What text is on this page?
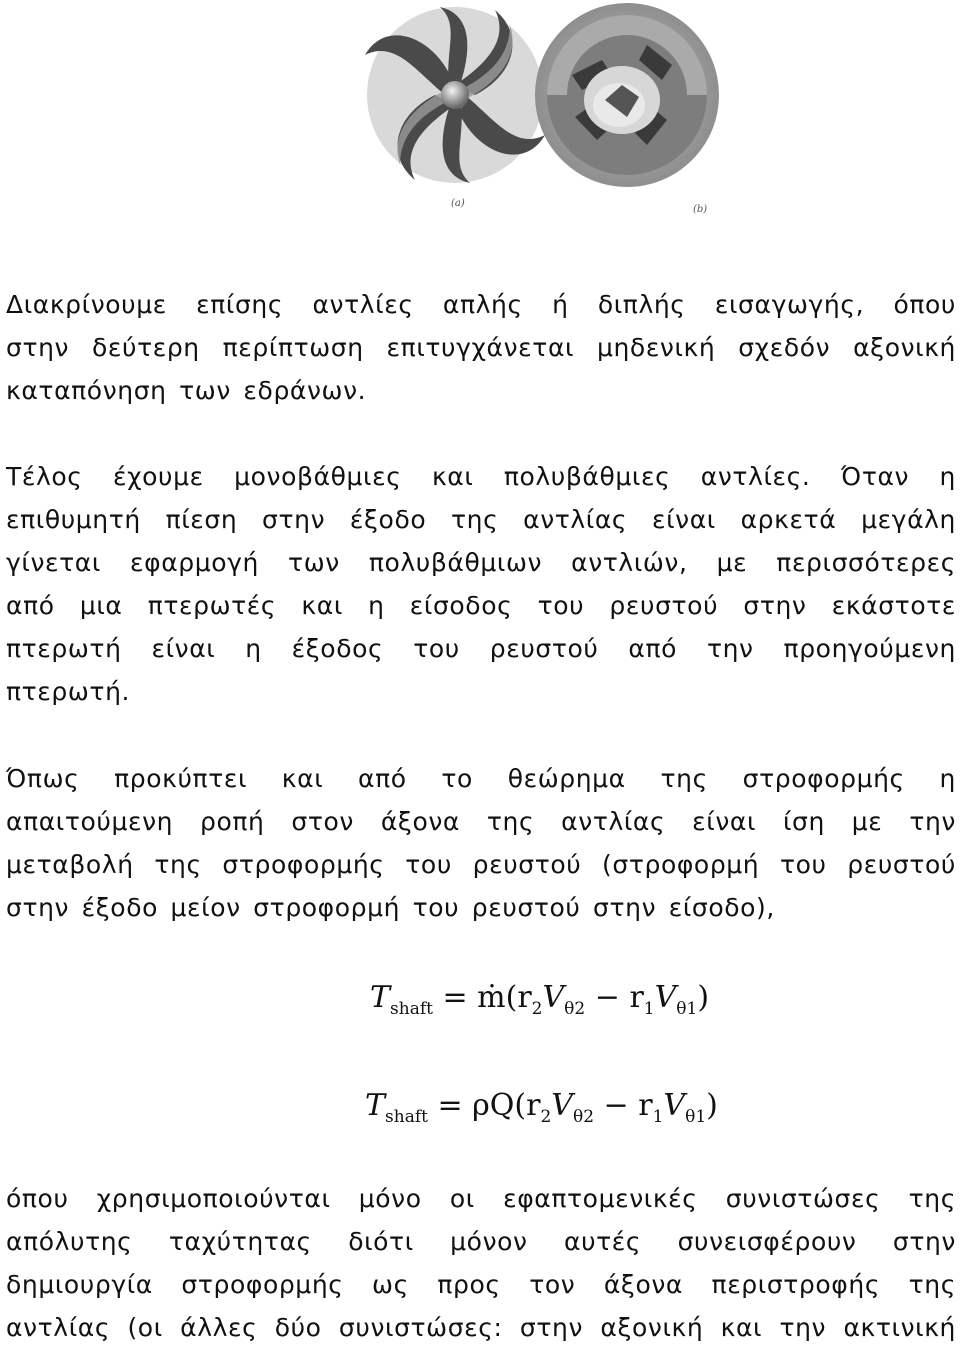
(a)
(b)

Διακρίνουμε επίσης αντλίες απλής ή διπλής εισαγωγής, όπου
στην δεύτερη περίπτωση επιτυγχάνεται μηδενική σχεδόν αξονική
καταπόνηση των εδράνων.

Τέλος έχουμε μονοβάθμιες και πολυβάθμιες αντλίες. Όταν η
επιθυμητή πίεση στην έξοδο της αντλίας είναι αρκετά μεγάλη
γίνεται εφαρμογή των πολυβάθμιων αντλιών, με περισσότερες
από μια πτερωτές και η είσοδος του ρευστού στην εκάστοτε
πτερωτή είναι η έξοδος του ρευστού από την προηγούμενη
πτερωτή.

Όπως προκύπτει και από το θεώρημα της στροφορμής η
απαιτούμενη ροπή στον άξονα της αντλίας είναι ίση με την
μεταβολή της στροφορμής του ρευστού (στροφορμή του ρευστού
στην έξοδο μείον στροφορμή του ρευστού στην είσοδο),

$T_{shaft}$ = $ṁ(r_2V_{\theta 2} - r_1V_{\theta 1})$
$T_{shaft} = \rho Q(r_2V_{\theta 2} - r_1V_{\theta 1})$

όπου χρησιμοποιούνται μόνο οι εφαπτομενικές συνιστώσες της
απόλυτης ταχύτητας διότι μόνον αυτές συνεισφέρουν στην
δημιουργία στροφορμής ως προς τον άξονα περιστροφής της
αντλίας (οι άλλες δύο συνιστώσες: στην αξονική και την ακτινική
